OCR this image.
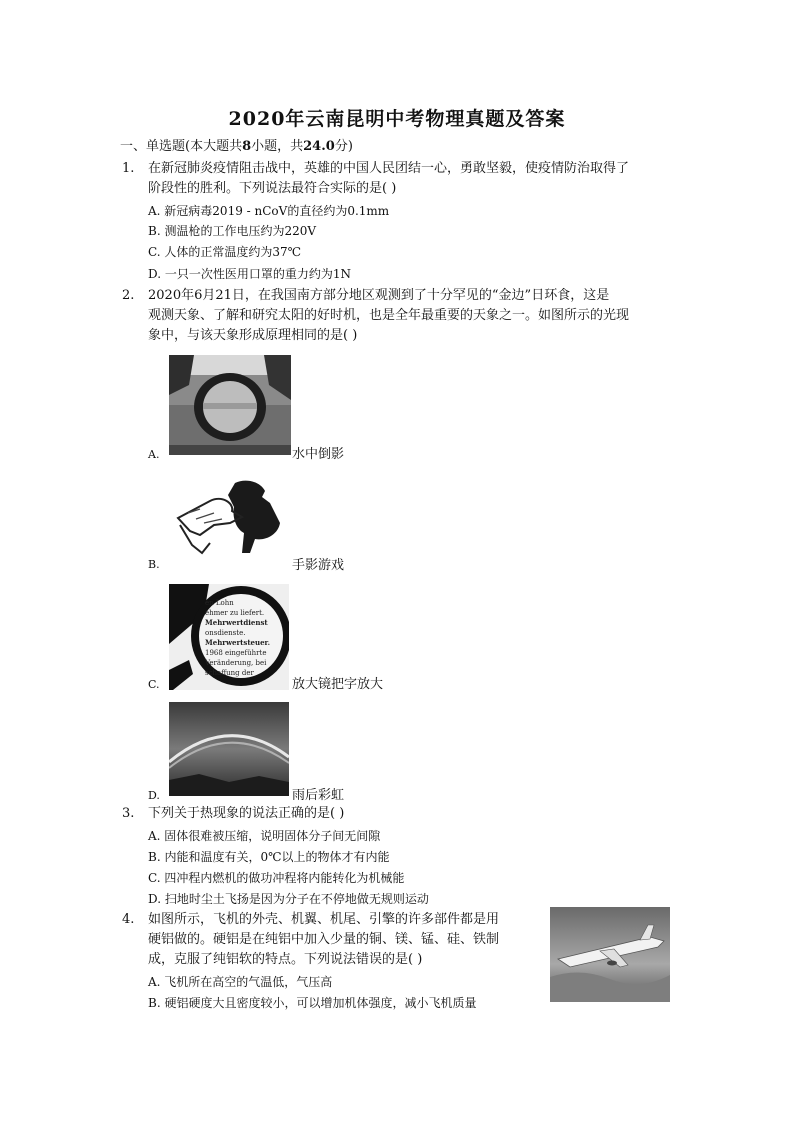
2020年云南昆明中考物理真题及答案
一、单选题(本大题共8小题，共24.0分)
1. 在新冠肺炎疫情阻击战中，英雄的中国人民团结一心，勇敢坚毅，使疫情防治取得了
阶段性的胜利。下列说法最符合实际的是( )
A. 新冠病毒2019 - nCoV的直径约为0.1mm
B. 测温枪的工作电压约为220V
C. 人体的正常温度约为37℃
D. 一只一次性医用口罩的重力约为1N
2. 2020年6月21日，在我国南方部分地区观测到了十分罕见的“金边”日环食，这是
观测天象、了解和研究太阳的好时机，也是全年最重要的天象之一。如图所示的光现
象中，与该天象形成原理相同的是( )
A.	水中倒影
B.	手影游戏
en Lohn
ehmer zu liefert.
Mehrwertdienst
onsdienste.
Mehrwertsteuer.
1968 eingeführte
Veränderung, bei
schaffung der
C.	放大镜把字放大
D.	雨后彩虹
3. 下列关于热现象的说法正确的是( )
A. 固体很难被压缩，说明固体分子间无间隙
B. 内能和温度有关，0℃以上的物体才有内能
C. 四冲程内燃机的做功冲程将内能转化为机械能
D. 扫地时尘土飞扬是因为分子在不停地做无规则运动
4. 如图所示，飞机的外壳、机翼、机尾、引擎的许多部件都是用
硬铝做的。硬铝是在纯铝中加入少量的铜、镁、锰、硅、铁制
成，克服了纯铝软的特点。下列说法错误的是( )
A. 飞机所在高空的气温低，气压高
B. 硬铝硬度大且密度较小，可以增加机体强度，减小飞机质量
